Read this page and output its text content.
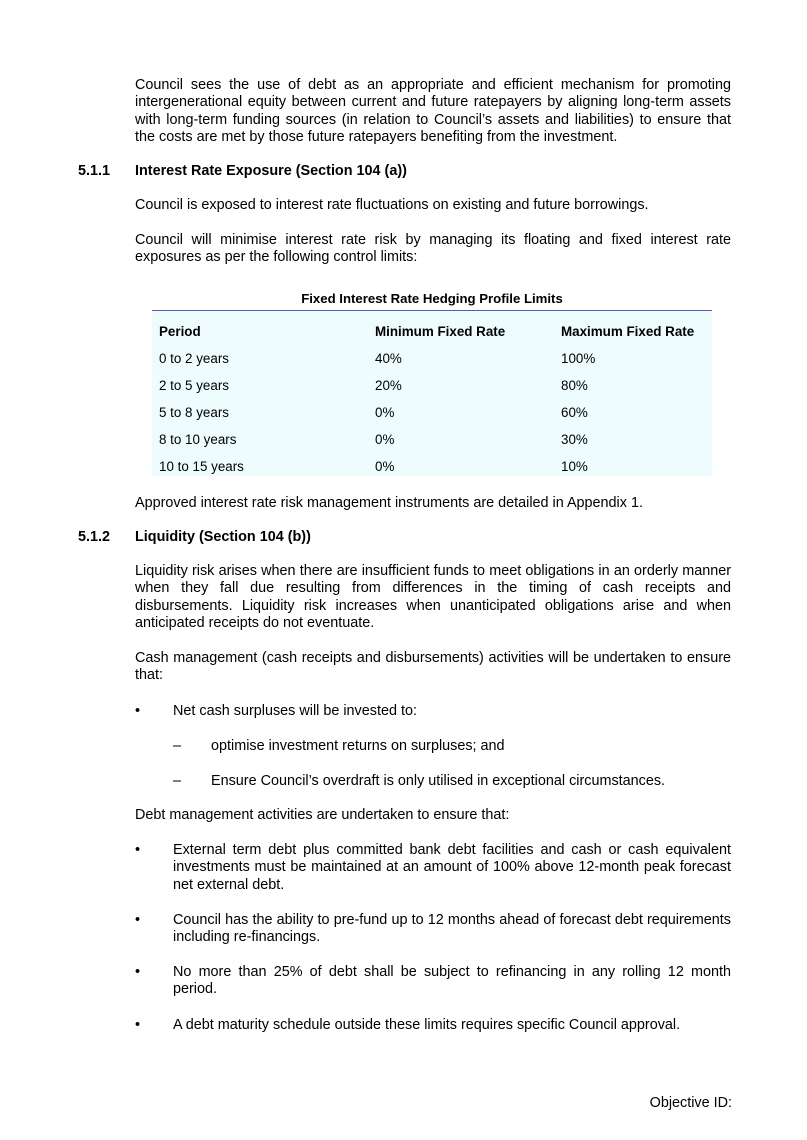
Council sees the use of debt as an appropriate and efficient mechanism for promoting intergenerational equity between current and future ratepayers by aligning long-term assets with long-term funding sources (in relation to Council’s assets and liabilities) to ensure that the costs are met by those future ratepayers benefiting from the investment.

5.1.1 Interest Rate Exposure (Section 104 (a))

Council is exposed to interest rate fluctuations on existing and future borrowings.

Council will minimise interest rate risk by managing its floating and fixed interest rate exposures as per the following control limits:

Fixed Interest Rate Hedging Profile Limits
Period	Minimum Fixed Rate	Maximum Fixed Rate
0 to 2 years	40%	100%
2 to 5 years	20%	80%
5 to 8 years	0%	60%
8 to 10 years	0%	30%
10 to 15 years	0%	10%

Approved interest rate risk management instruments are detailed in Appendix 1.

5.1.2 Liquidity (Section 104 (b))

Liquidity risk arises when there are insufficient funds to meet obligations in an orderly manner when they fall due resulting from differences in the timing of cash receipts and disbursements. Liquidity risk increases when unanticipated obligations arise and when anticipated receipts do not eventuate.

Cash management (cash receipts and disbursements) activities will be undertaken to ensure that:

• Net cash surpluses will be invested to:

– optimise investment returns on surpluses; and
– Ensure Council’s overdraft is only utilised in exceptional circumstances.

Debt management activities are undertaken to ensure that:

• External term debt plus committed bank debt facilities and cash or cash equivalent investments must be maintained at an amount of 100% above 12-month peak forecast net external debt.

• Council has the ability to pre-fund up to 12 months ahead of forecast debt requirements including re-financings.

• No more than 25% of debt shall be subject to refinancing in any rolling 12 month period.

• A debt maturity schedule outside these limits requires specific Council approval.

Objective ID:
